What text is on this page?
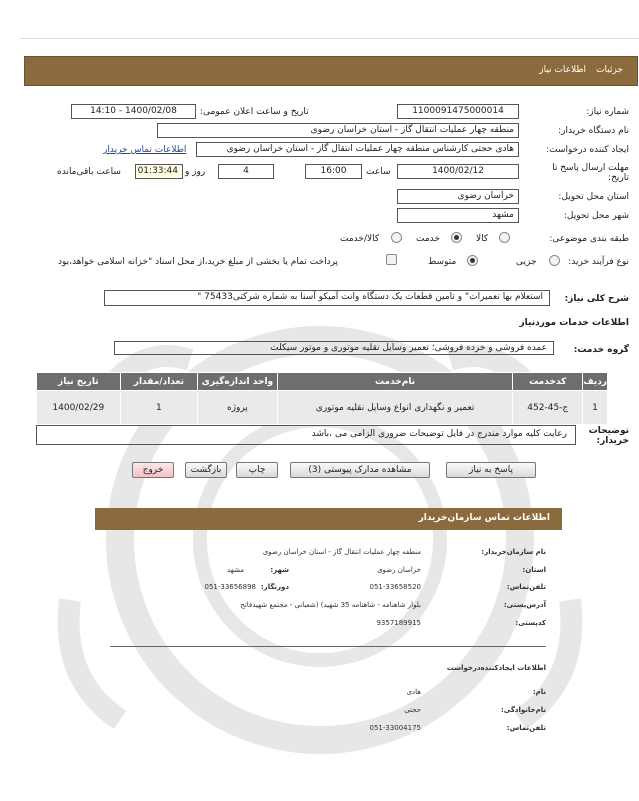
جزئیات
اطلاعات نیاز
شماره نیاز:
1100091475000014
تاریخ و ساعت اعلان عمومی:
1400/02/08 - 14:10
نام دستگاه خریدار:
منطقه چهار عملیات انتقال گاز - استان خراسان رضوی
ایجاد کننده درخواست:
هادی حجتی کارشناس منطقه چهار عملیات انتقال گاز - استان خراسان رضوی
اطلاعات تماس خریدار
مهلت ارسال پاسخ تا تاریخ:
1400/02/12
ساعت
16:00
4
روز و
01:33:44
ساعت باقی‌مانده
استان محل تحویل:
خراسان رضوی
شهر محل تحویل:
مشهد
طبقه بندی موضوعی:
کالا
خدمت
کالا/خدمت
نوع فرآیند خرید:
جزیی
متوسط
پرداخت تمام یا بخشی از مبلغ خرید،از محل اسناد "خزانه اسلامی خواهد،بود
شرح کلی نیاز:
استعلام بها تعمیرات" و تامین قطعات یک دستگاه وانت آمیکو آسنا به شماره شرکتی75433 "
اطلاعات خدمات موردنیاز
گروه خدمت:
عمده فروشی و خرده فروشی؛ تعمیر وسایل نقلیه موتوری و موتور سیکلت
ردیف	کدخدمت	نام‌خدمت	واحد اندازه‌گیری	تعداد/مقدار	تاریخ نیاز
1	ج-45-452	تعمیر و نگهداری انواع وسایل نقلیه موتوری	پروژه	1	1400/02/29
توضیحات خریدار:
رعایت کلیه موارد مندرج در فایل توضیحات ضروری الزامی می ،باشد
پاسخ به نیاز
مشاهده مدارک پیوستی (3)
چاپ
بازگشت
خروج
اطلاعات تماس سازمان‌خریدار
نام سازمان‌خریدار:
منطقه چهار عملیات انتقال گاز - استان خراسان رضوی
استان:
خراسان رضوی
شهر:
مشهد
تلفن‌تماس:
051-33658520
دورنگار:
051-33656898
آدرس‌پستی:
بلوار شاهنامه - شاهنامه 35 شهید) (شعبانی - مجتمع شهیدفاتح
کدپستی:
9357189915
اطلاعات ایجادکننده‌درخواست
نام:
هادی
نام‌خانوادگی:
حجتی
تلفن‌تماس:
051-33004175
